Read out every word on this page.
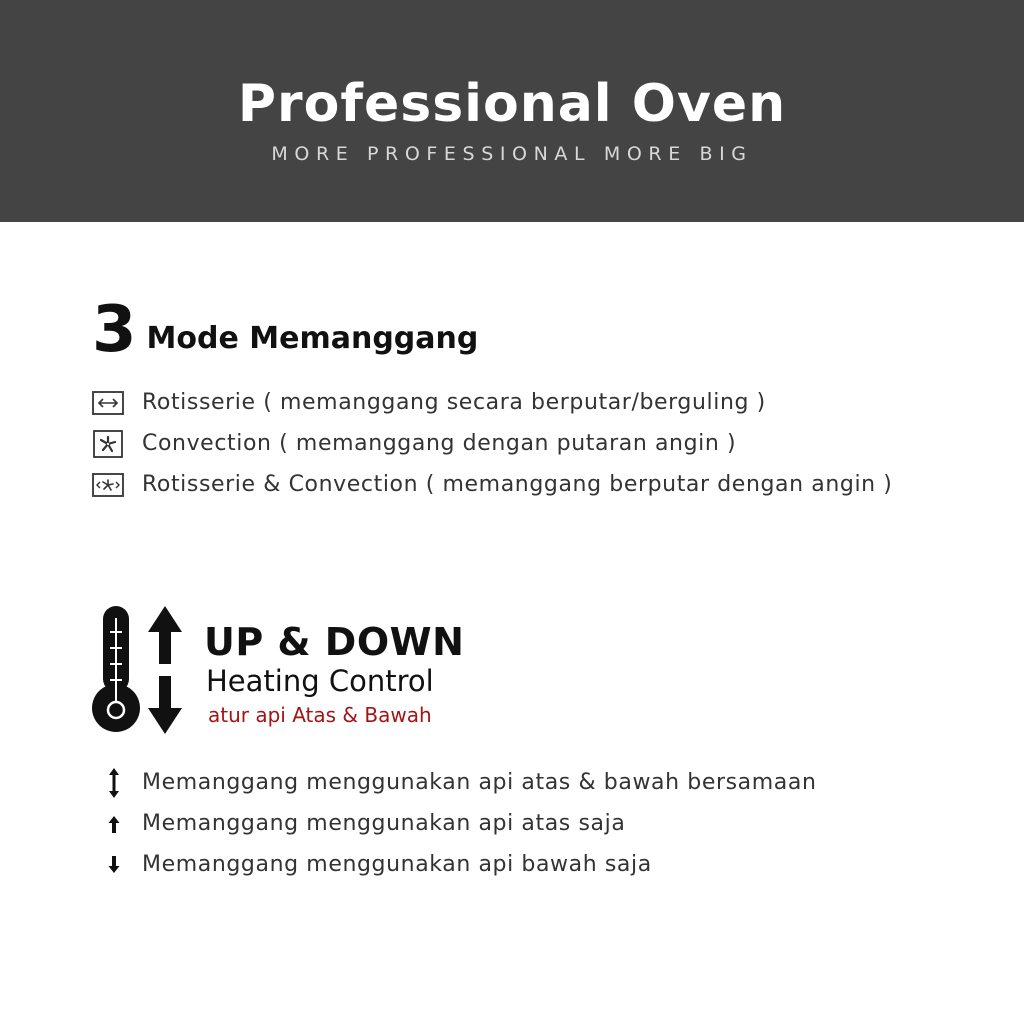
Professional Oven
MORE PROFESSIONAL MORE BIG
3 Mode Memanggang
Rotisserie ( memanggang secara berputar/berguling )
Convection ( memanggang dengan putaran angin )
Rotisserie & Convection ( memanggang berputar dengan angin )
UP & DOWN
Heating Control
atur api Atas & Bawah
Memanggang menggunakan api atas & bawah bersamaan
Memanggang menggunakan api atas saja
Memanggang menggunakan api bawah saja
